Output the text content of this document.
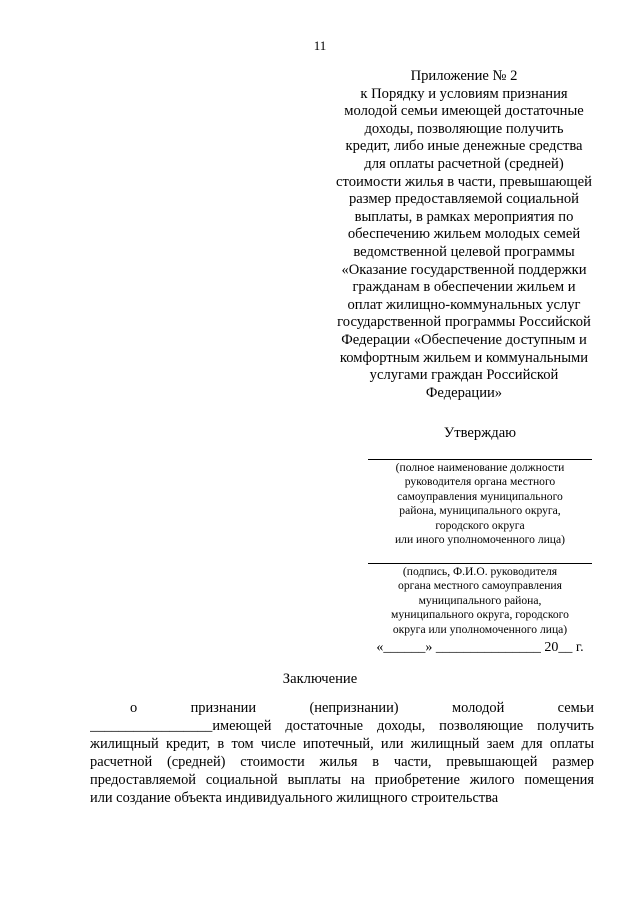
11
Приложение № 2
к Порядку и условиям признания
молодой семьи имеющей достаточные
доходы, позволяющие получить
кредит, либо иные денежные средства
для оплаты расчетной (средней)
стоимости жилья в части, превышающей
размер предоставляемой социальной
выплаты, в рамках мероприятия по
обеспечению жильем молодых семей
ведомственной целевой программы
«Оказание государственной поддержки
гражданам в обеспечении жильем и
оплат жилищно-коммунальных услуг
государственной программы Российской
Федерации «Обеспечение доступным и
комфортным жильем и коммунальными
услугами граждан Российской
Федерации»
Утверждаю
(полное наименование должности
руководителя органа местного
самоуправления муниципального
района, муниципального округа,
городского округа
или иного уполномоченного лица)
(подпись, Ф.И.О. руководителя
органа местного самоуправления
муниципального района,
муниципального округа, городского
округа или уполномоченного лица)
«______» _______________ 20__ г.
Заключение
о признании (непризнании) молодой семьи
_________________имеющей достаточные доходы, позволяющие получить
жилищный кредит, в том числе ипотечный, или жилищный заем для оплаты
расчетной (средней) стоимости жилья в части, превышающей размер
предоставляемой социальной выплаты на приобретение жилого помещения
или создание объекта индивидуального жилищного строительства
